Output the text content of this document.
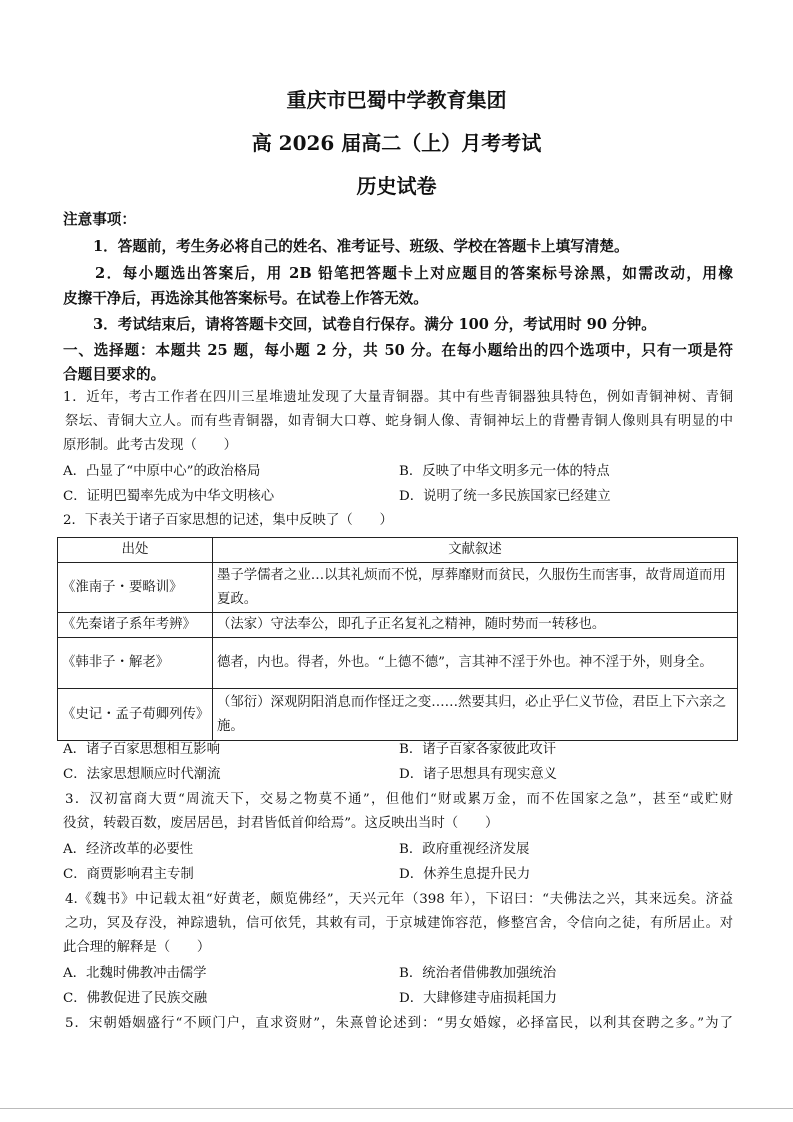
重庆市巴蜀中学教育集团
高 2026 届高二（上）月考考试
历史试卷
注意事项：
1．答题前，考生务必将自己的姓名、准考证号、班级、学校在答题卡上填写清楚。
2．每小题选出答案后，用 2B 铅笔把答题卡上对应题目的答案标号涂黑，如需改动，用橡
皮擦干净后，再选涂其他答案标号。在试卷上作答无效。
3．考试结束后，请将答题卡交回，试卷自行保存。满分 100 分，考试用时 90 分钟。
一、选择题：本题共 25 题，每小题 2 分，共 50 分。在每小题给出的四个选项中，只有一项是符
合题目要求的。
1．近年，考古工作者在四川三星堆遗址发现了大量青铜器。其中有些青铜器独具特色，例如青铜神树、青铜
祭坛、青铜大立人。而有些青铜器，如青铜大口尊、蛇身铜人像、青铜神坛上的背罍青铜人像则具有明显的中
原形制。此考古发现（　　）
A．凸显了“中原中心”的政治格局	B．反映了中华文明多元一体的特点
C．证明巴蜀率先成为中华文明核心	D．说明了统一多民族国家已经建立
2．下表关于诸子百家思想的记述，集中反映了（　　）
出处	文献叙述
《淮南子・要略训》	墨子学儒者之业…以其礼烦而不悦，厚葬靡财而贫民，久服伤生而害事，故背周道而用夏政。
《先秦诸子系年考辨》	（法家）守法奉公，即孔子正名复礼之精神，随时势而一转移也。
《韩非子・解老》	德者，内也。得者，外也。“上德不德”，言其神不淫于外也。神不淫于外，则身全。
《史记・孟子荀卿列传》	（邹衍）深观阴阳消息而作怪迂之变……然要其归，必止乎仁义节俭，君臣上下六亲之施。
A．诸子百家思想相互影响	B．诸子百家各家彼此攻讦
C．法家思想顺应时代潮流	D．诸子思想具有现实意义
3．汉初富商大贾“周流天下，交易之物莫不通”，但他们“财或累万金，而不佐国家之急”，甚至“或贮财
役贫，转毂百数，废居居邑，封君皆低首仰给焉”。这反映出当时（　　）
A．经济改革的必要性	B．政府重视经济发展
C．商贾影响君主专制	D．休养生息提升民力
4.《魏书》中记载太祖“好黄老，颇览佛经”，天兴元年（398 年），下诏曰：“夫佛法之兴，其来远矣。济益
之功，冥及存没，神踪遗轨，信可依凭，其敕有司，于京城建饰容范，修整宫舍，令信向之徒，有所居止。对
此合理的解释是（　　）
A．北魏时佛教冲击儒学	B．统治者借佛教加强统治
C．佛教促进了民族交融	D．大肆修建寺庙损耗国力
5．宋朝婚姻盛行“不顾门户，直求资财”，朱熹曾论述到：“男女婚嫁，必择富民，以利其奁聘之多。”为了
